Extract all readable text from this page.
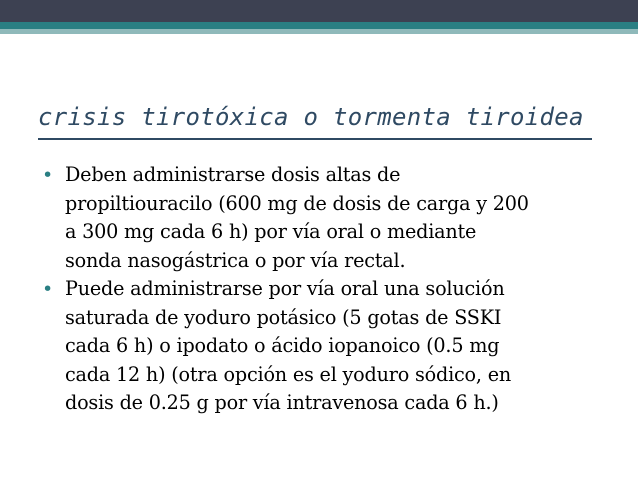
crisis tirotóxica o tormenta tiroidea
• Deben administrarse dosis altas de
propiltiouracilo (600 mg de dosis de carga y 200
a 300 mg cada 6 h) por vía oral o mediante
sonda nasogástrica o por vía rectal.
• Puede administrarse por vía oral una solución
saturada de yoduro potásico (5 gotas de SSKI
cada 6 h) o ipodato o ácido iopanoico (0.5 mg
cada 12 h) (otra opción es el yoduro sódico, en
dosis de 0.25 g por vía intravenosa cada 6 h.)
